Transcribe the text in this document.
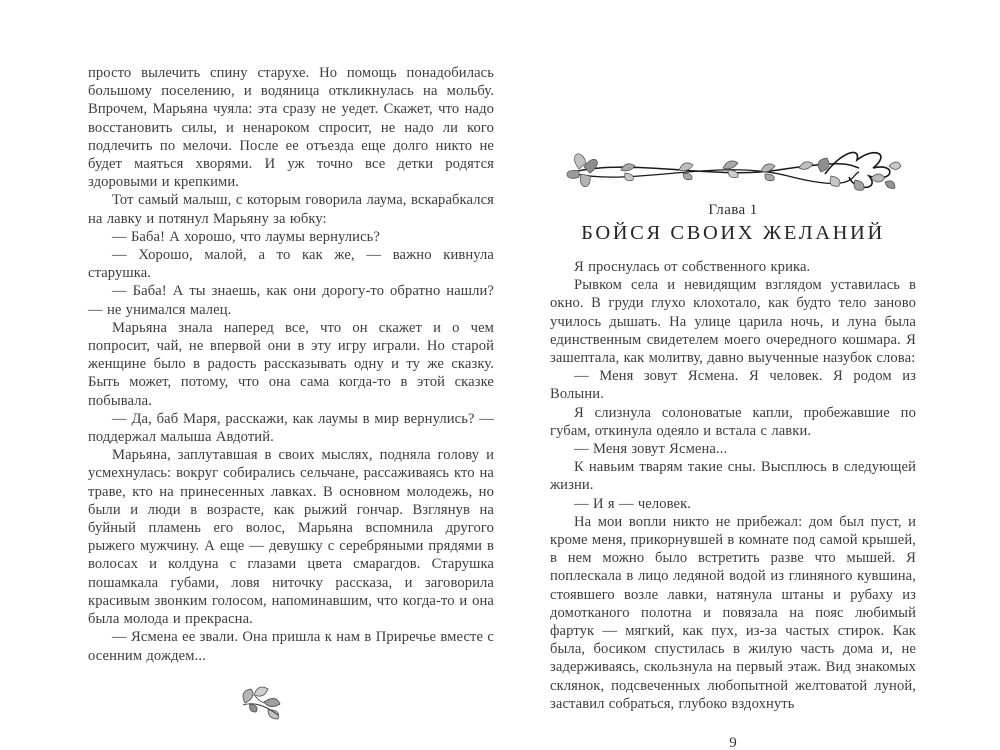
просто вылечить спину старухе. Но помощь понадобилась большому поселению, и водяница откликнулась на мольбу. Впрочем, Марьяна чуяла: эта сразу не уедет. Скажет, что надо восстановить силы, и ненароком спросит, не надо ли кого подлечить по мелочи. После ее отъезда еще долго никто не будет маяться хворями. И уж точно все детки родятся здоровыми и крепкими.

Тот самый малыш, с которым говорила лаума, вскарабкался на лавку и потянул Марьяну за юбку:

— Баба! А хорошо, что лаумы вернулись?

— Хорошо, малой, а то как же, — важно кивнула старушка.

— Баба! А ты знаешь, как они дорогу-то обратно нашли? — не унимался малец.

Марьяна знала наперед все, что он скажет и о чем попросит, чай, не впервой они в эту игру играли. Но старой женщине было в радость рассказывать одну и ту же сказку. Быть может, потому, что она сама когда-то в этой сказке побывала.

— Да, баб Маря, расскажи, как лаумы в мир вернулись? — поддержал малыша Авдотий.

Марьяна, заплутавшая в своих мыслях, подняла голову и усмехнулась: вокруг собирались сельчане, рассаживаясь кто на траве, кто на принесенных лавках. В основном молодежь, но были и люди в возрасте, как рыжий гончар. Взглянув на буйный пламень его волос, Марьяна вспомнила другого рыжего мужчину. А еще — девушку с серебряными прядями в волосах и колдуна с глазами цвета смарагдов. Старушка пошамкала губами, ловя ниточку рассказа, и заговорила красивым звонким голосом, напоминавшим, что когда-то и она была молода и прекрасна.

— Ясмена ее звали. Она пришла к нам в Приречье вместе с осенним дождем...

Глава 1
БОЙСЯ СВОИХ ЖЕЛАНИЙ

Я проснулась от собственного крика.

Рывком села и невидящим взглядом уставилась в окно. В груди глухо клохотало, как будто тело заново училось дышать. На улице царила ночь, и луна была единственным свидетелем моего очередного кошмара. Я зашептала, как молитву, давно выученные назубок слова:

— Меня зовут Ясмена. Я человек. Я родом из Волыни.

Я слизнула солоноватые капли, пробежавшие по губам, откинула одеяло и встала с лавки.

— Меня зовут Ясмена...

К навьим тварям такие сны. Высплюсь в следующей жизни.

— И я — человек.

На мои вопли никто не прибежал: дом был пуст, и кроме меня, прикорнувшей в комнате под самой крышей, в нем можно было встретить разве что мышей. Я поплескала в лицо ледяной водой из глиняного кувшина, стоявшего возле лавки, натянула штаны и рубаху из домотканого полотна и повязала на пояс любимый фартук — мягкий, как пух, из-за частых стирок. Как была, босиком спустилась в жилую часть дома и, не задерживаясь, скользнула на первый этаж. Вид знакомых склянок, подсвеченных любопытной желтоватой луной, заставил собраться, глубоко вздохнуть

9
